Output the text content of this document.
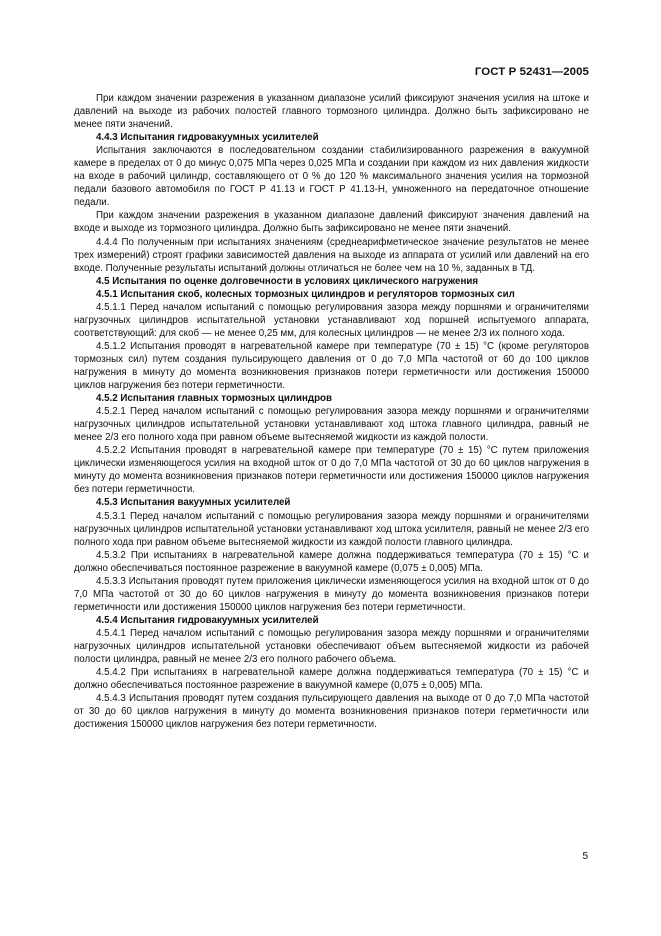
ГОСТ Р 52431—2005

При каждом значении разрежения в указанном диапазоне усилий фиксируют значения усилия на штоке и давлений на выходе из рабочих полостей главного тормозного цилиндра. Должно быть зафиксировано не менее пяти значений.

4.4.3 Испытания гидровакуумных усилителей

Испытания заключаются в последовательном создании стабилизированного разрежения в вакуумной камере в пределах от 0 до минус 0,075 МПа через 0,025 МПа и создании при каждом из них давления жидкости на входе в рабочий цилиндр, составляющего от 0 % до 120 % максимального значения усилия на тормозной педали базового автомобиля по ГОСТ Р 41.13 и ГОСТ Р 41.13-Н, умноженного на передаточное отношение педали.

При каждом значении разрежения в указанном диапазоне давлений фиксируют значения давлений на входе и выходе из тормозного цилиндра. Должно быть зафиксировано не менее пяти значений.

4.4.4 По полученным при испытаниях значениям (среднеарифметическое значение результатов не менее трех измерений) строят графики зависимостей давления на выходе из аппарата от усилий или давлений на его входе. Полученные результаты испытаний должны отличаться не более чем на 10 %, заданных в ТД.

4.5 Испытания по оценке долговечности в условиях циклического нагружения
4.5.1 Испытания скоб, колесных тормозных цилиндров и регуляторов тормозных сил

4.5.1.1 Перед началом испытаний с помощью регулирования зазора между поршнями и ограничителями нагрузочных цилиндров испытательной установки устанавливают ход поршней испытуемого аппарата, соответствующий: для скоб — не менее 0,25 мм, для колесных цилиндров — не менее 2/3 их полного хода.

4.5.1.2 Испытания проводят в нагревательной камере при температуре (70 ± 15) °С (кроме регуляторов тормозных сил) путем создания пульсирующего давления от 0 до 7,0 МПа частотой от 60 до 100 циклов нагружения в минуту до момента возникновения признаков потери герметичности или достижения 150000 циклов нагружения без потери герметичности.

4.5.2 Испытания главных тормозных цилиндров

4.5.2.1 Перед началом испытаний с помощью регулирования зазора между поршнями и ограничителями нагрузочных цилиндров испытательной установки устанавливают ход штока главного цилиндра, равный не менее 2/3 его полного хода при равном объеме вытесняемой жидкости из каждой полости.

4.5.2.2 Испытания проводят в нагревательной камере при температуре (70 ± 15) °С путем приложения циклически изменяющегося усилия на входной шток от 0 до 7,0 МПа частотой от 30 до 60 циклов нагружения в минуту до момента возникновения признаков потери герметичности или достижения 150000 циклов нагружения без потери герметичности.

4.5.3 Испытания вакуумных усилителей

4.5.3.1 Перед началом испытаний с помощью регулирования зазора между поршнями и ограничителями нагрузочных цилиндров испытательной установки устанавливают ход штока усилителя, равный не менее 2/3 его полного хода при равном объеме вытесняемой жидкости из каждой полости главного цилиндра.

4.5.3.2 При испытаниях в нагревательной камере должна поддерживаться температура (70 ± 15) °С и должно обеспечиваться постоянное разрежение в вакуумной камере (0,075 ± 0,005) МПа.

4.5.3.3 Испытания проводят путем приложения циклически изменяющегося усилия на входной шток от 0 до 7,0 МПа частотой от 30 до 60 циклов нагружения в минуту до момента возникновения признаков потери герметичности или достижения 150000 циклов нагружения без потери герметичности.

4.5.4 Испытания гидровакуумных усилителей

4.5.4.1 Перед началом испытаний с помощью регулирования зазора между поршнями и ограничителями нагрузочных цилиндров испытательной установки обеспечивают объем вытесняемой жидкости из рабочей полости цилиндра, равный не менее 2/3 его полного рабочего объема.

4.5.4.2 При испытаниях в нагревательной камере должна поддерживаться температура (70 ± 15) °С и должно обеспечиваться постоянное разрежение в вакуумной камере (0,075 ± 0,005) МПа.

4.5.4.3 Испытания проводят путем создания пульсирующего давления на выходе от 0 до 7,0 МПа частотой от 30 до 60 циклов нагружения в минуту до момента возникновения признаков потери герметичности или достижения 150000 циклов нагружения без потери герметичности.

5
